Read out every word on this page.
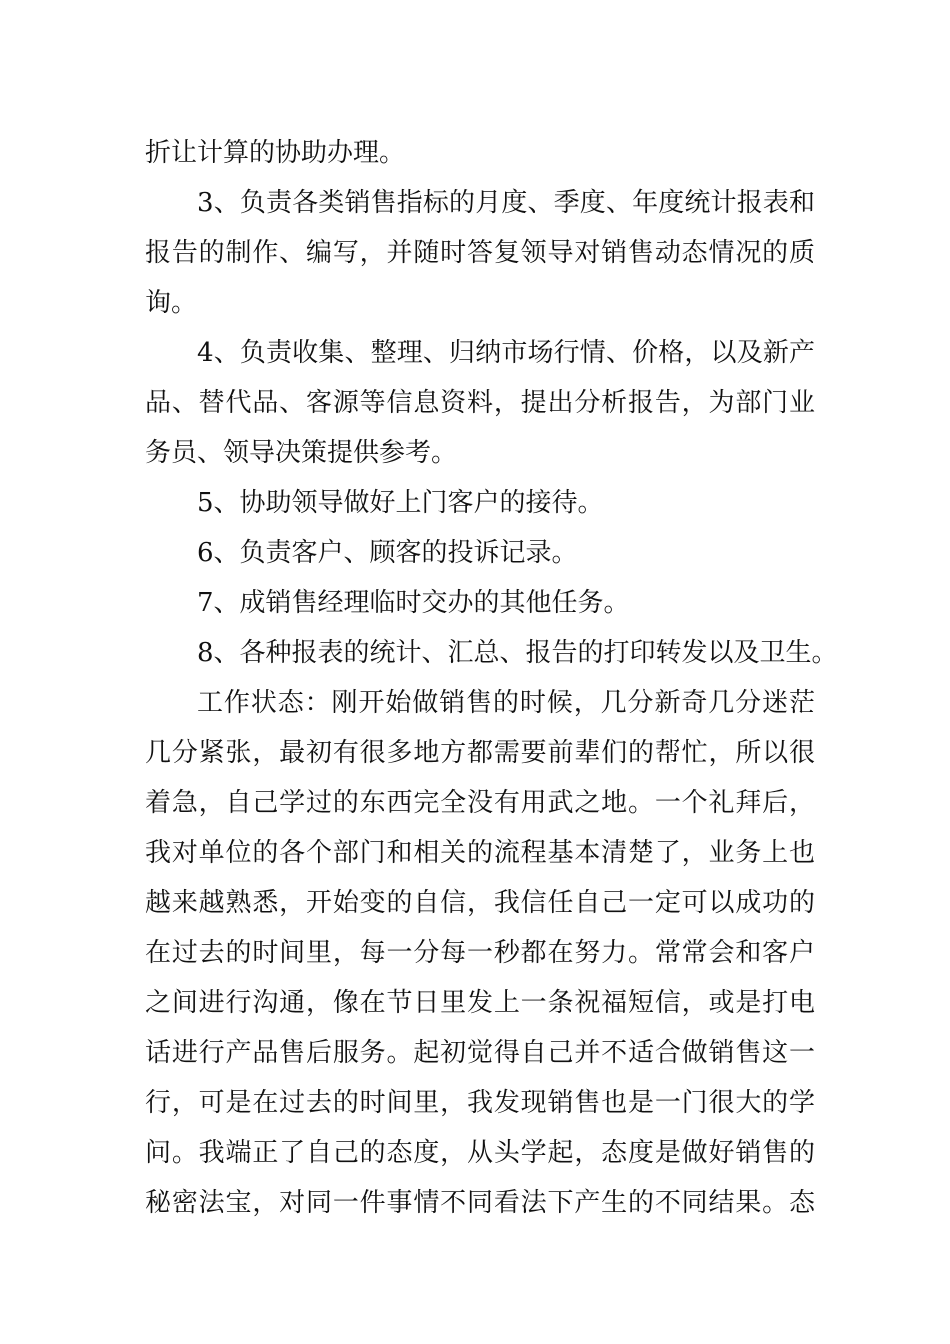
折让计算的协助办理。
3、负责各类销售指标的月度、季度、年度统计报表和
报告的制作、编写，并随时答复领导对销售动态情况的质
询。
4、负责收集、整理、归纳市场行情、价格，以及新产
品、替代品、客源等信息资料，提出分析报告，为部门业
务员、领导决策提供参考。
5、协助领导做好上门客户的接待。
6、负责客户、顾客的投诉记录。
7、成销售经理临时交办的其他任务。
8、各种报表的统计、汇总、报告的打印转发以及卫生。
工作状态：刚开始做销售的时候，几分新奇几分迷茫
几分紧张，最初有很多地方都需要前辈们的帮忙，所以很
着急，自己学过的东西完全没有用武之地。一个礼拜后，
我对单位的各个部门和相关的流程基本清楚了，业务上也
越来越熟悉，开始变的自信，我信任自己一定可以成功的
在过去的时间里，每一分每一秒都在努力。常常会和客户
之间进行沟通，像在节日里发上一条祝福短信，或是打电
话进行产品售后服务。起初觉得自己并不适合做销售这一
行，可是在过去的时间里，我发现销售也是一门很大的学
问。我端正了自己的态度，从头学起，态度是做好销售的
秘密法宝，对同一件事情不同看法下产生的不同结果。态
